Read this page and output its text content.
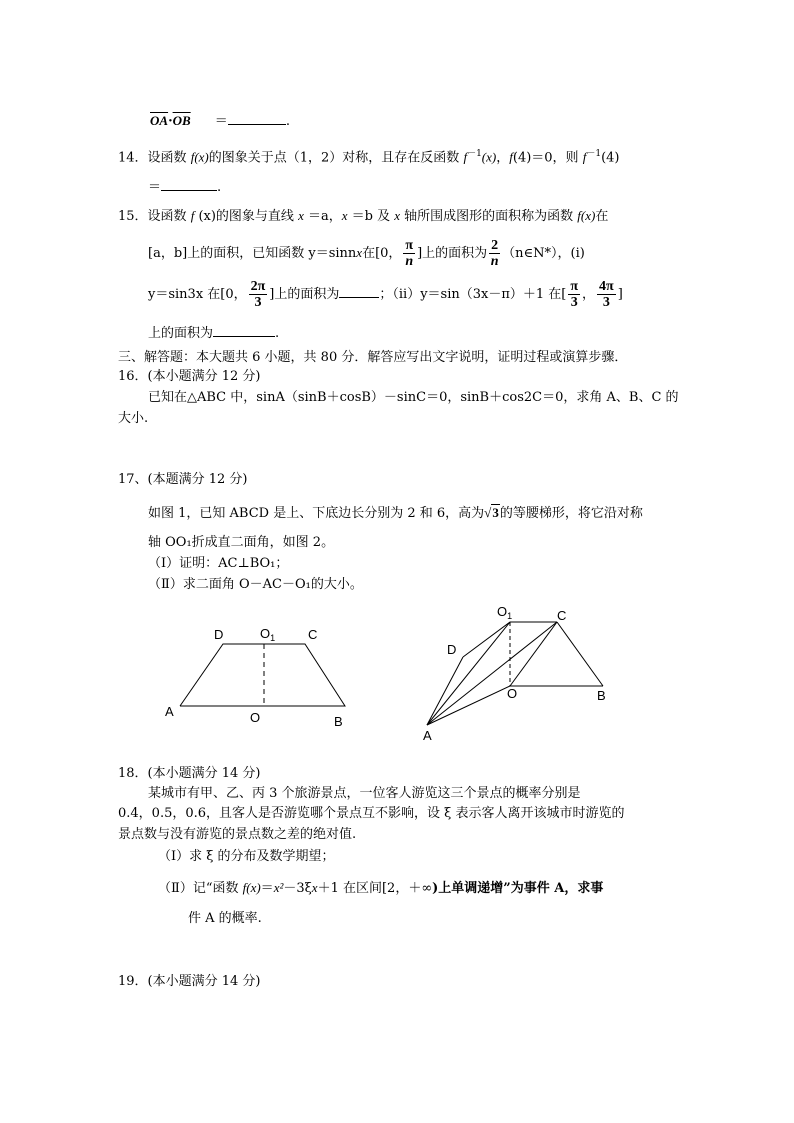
$\overline{OA}\cdot\overline{OB}$ ＝	.
14．设函数 f(x)的图象关于点（1，2）对称，且存在反函数 $f^{-1}(x)$，f(4)＝0，则 $f^{-1}(4)$
＝	.
15．设函数 f (x)的图象与直线 x ＝a，x ＝b 及 x 轴所围成图形的面积称为函数 f(x)在
[a，b]上的面积，已知函数 y＝sinnx在[0， $\frac{\pi}{n}$ ]上的面积为 $\frac{2}{n}$ （n∈N*），(i)
y＝sin3x 在[0， $\frac{2\pi}{3}$ ]上的面积为	；（ii）y＝sin（3x－π）＋1 在[ $\frac{\pi}{3}$ ， $\frac{4\pi}{3}$ ]
上的面积为	.
三、解答题：本大题共 6 小题，共 80 分．解答应写出文字说明，证明过程或演算步骤．
16．(本小题满分 12 分)
已知在△ABC 中，sinA（sinB＋cosB）－sinC＝0，sinB＋cos2C＝0，求角 A、B、C 的
大小.
17、(本题满分 12 分)
如图 1，已知 ABCD 是上、下底边长分别为 2 和 6，高为√3的等腰梯形，将它沿对称
轴 OO₁折成直二面角，如图 2。
（Ⅰ）证明：AC⊥BO₁；
（Ⅱ）求二面角 O－AC－O₁的大小。
D	$O_1$	C
A	O	B
$O_1$	C
D
O	B
A
18．(本小题满分 14 分)
某城市有甲、乙、丙 3 个旅游景点，一位客人游览这三个景点的概率分别是
0.4，0.5，0.6，且客人是否游览哪个景点互不影响，设 ξ 表示客人离开该城市时游览的
景点数与没有游览的景点数之差的绝对值.
（Ⅰ）求 ξ 的分布及数学期望；
（Ⅱ）记“函数 f(x)＝x²－3ξx＋1 在区间[2，＋∞)上单调递增”为事件 A，求事
件 A 的概率.
19．(本小题满分 14 分)
